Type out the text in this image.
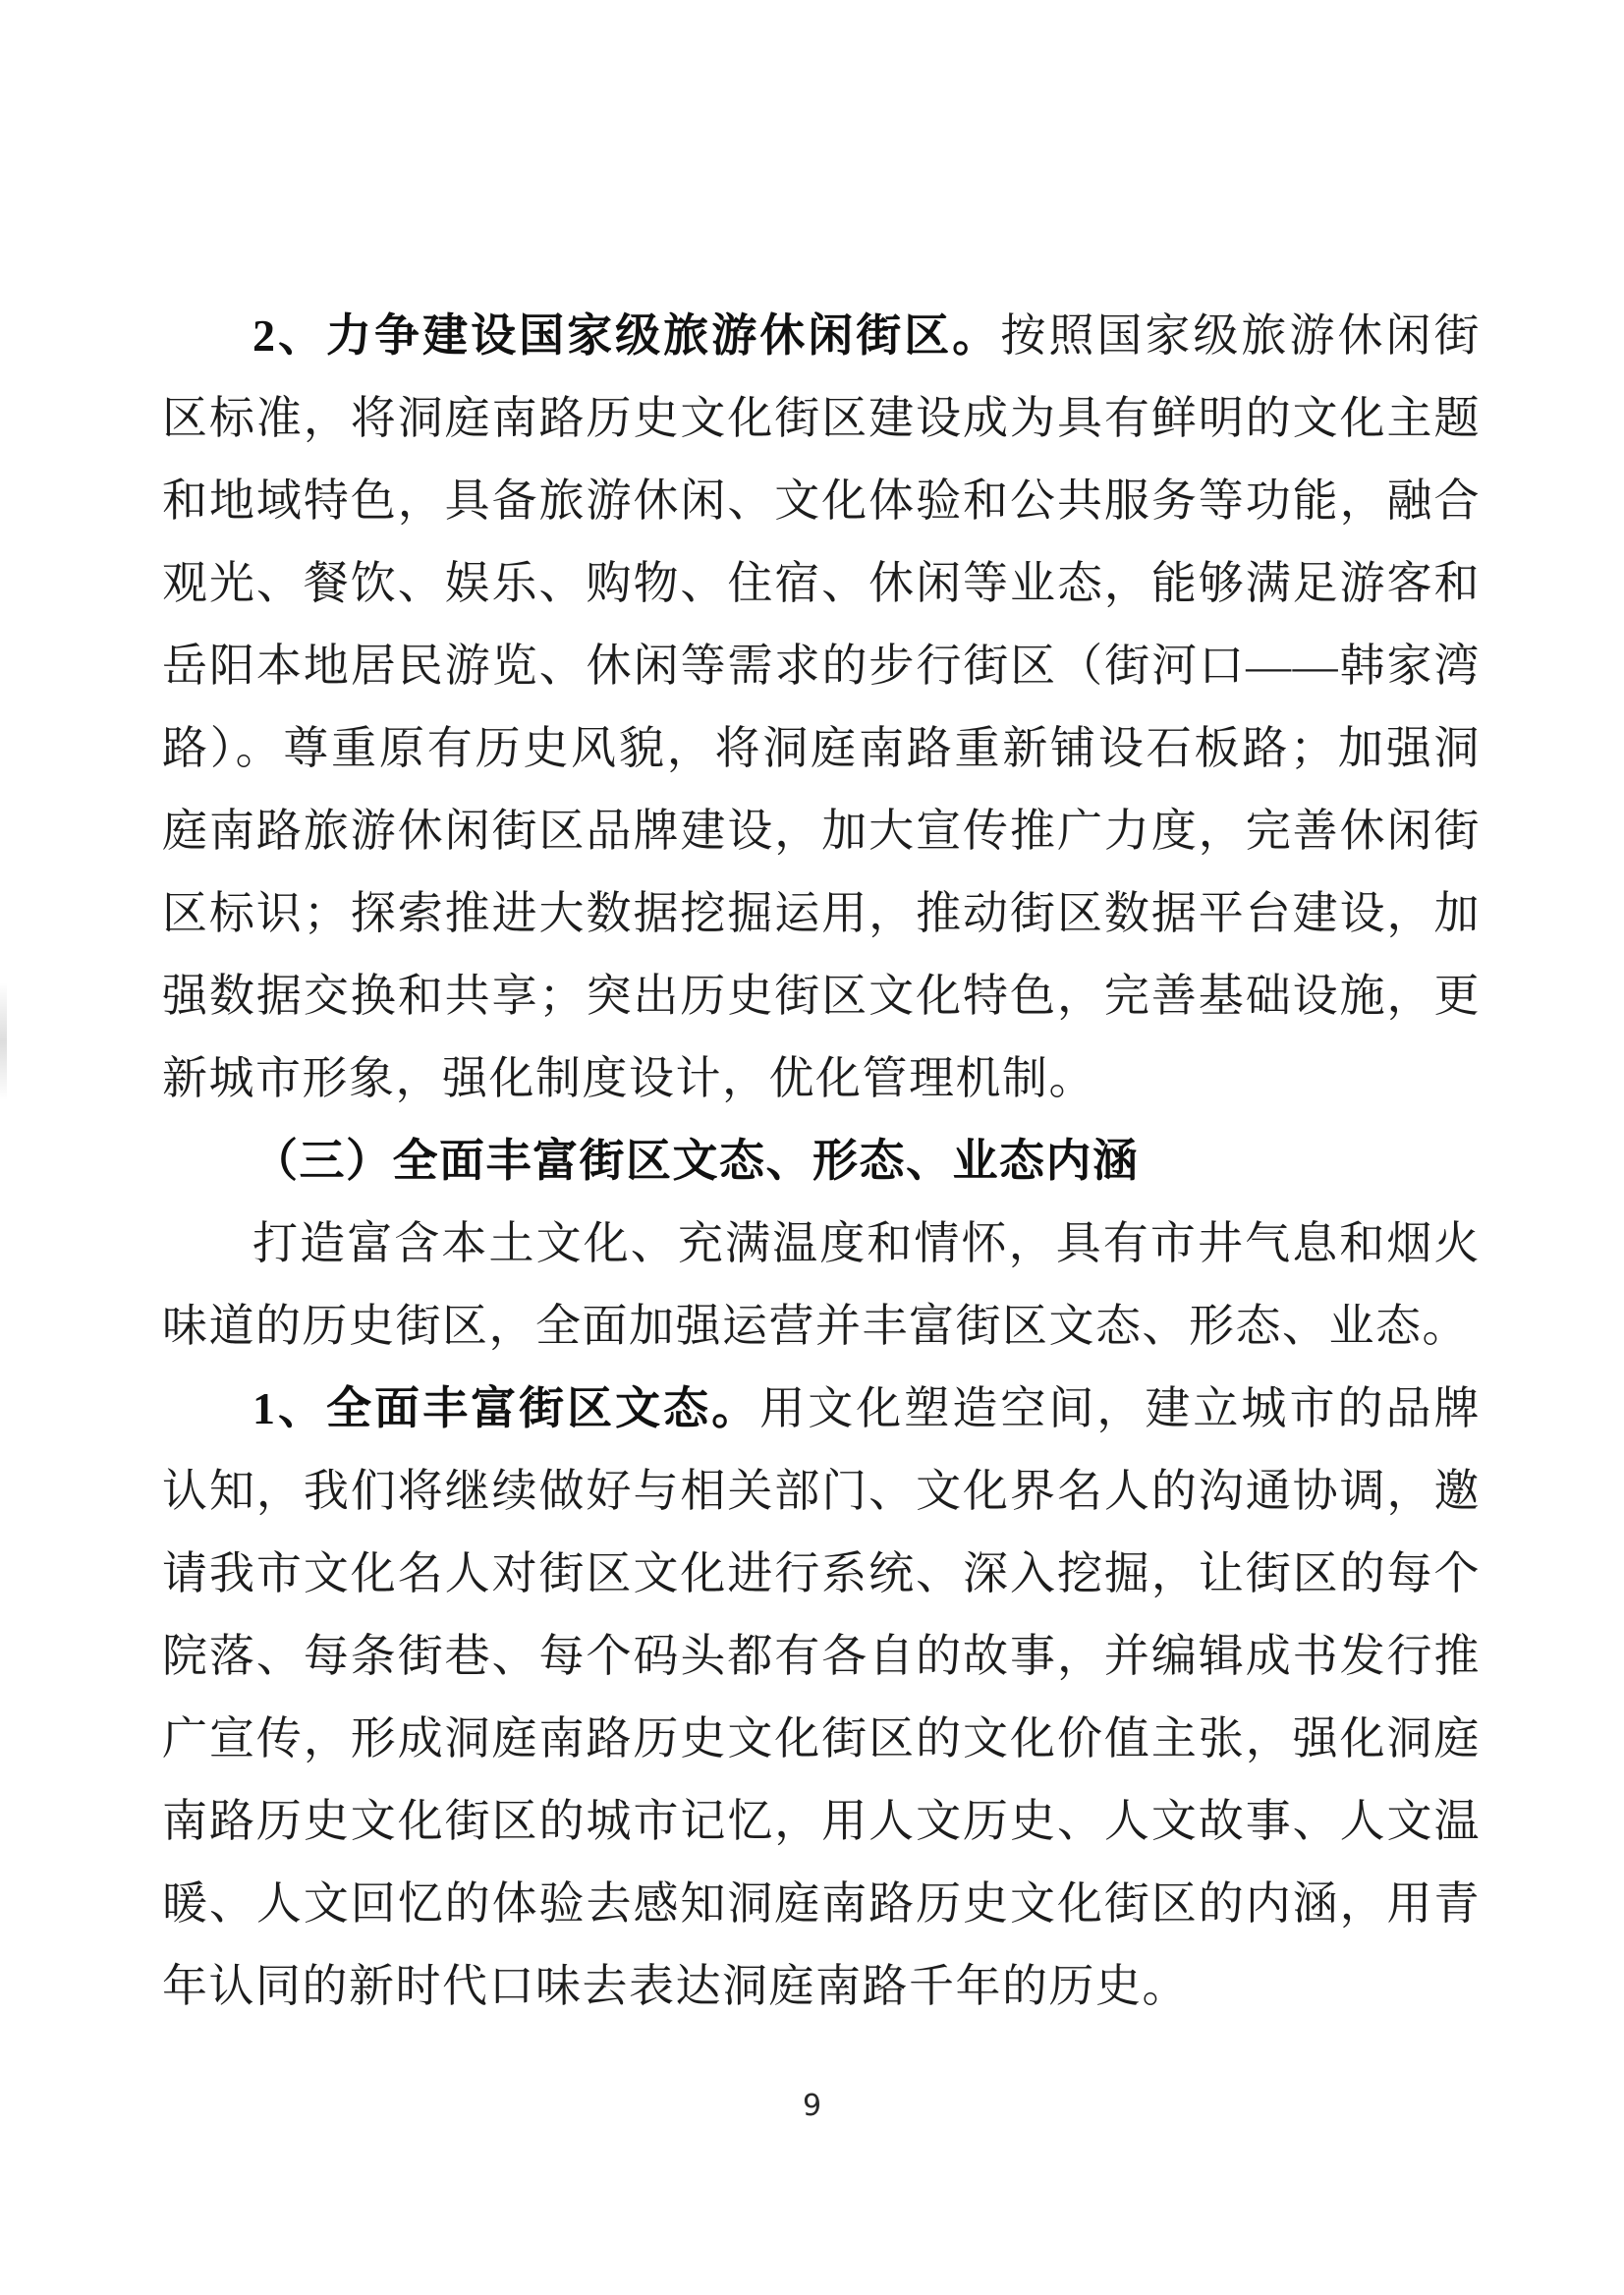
2、力争建设国家级旅游休闲街区。按照国家级旅游休闲街区标准，将洞庭南路历史文化街区建设成为具有鲜明的文化主题和地域特色，具备旅游休闲、文化体验和公共服务等功能，融合观光、餐饮、娱乐、购物、住宿、休闲等业态，能够满足游客和岳阳本地居民游览、休闲等需求的步行街区（街河口——韩家湾路）。尊重原有历史风貌，将洞庭南路重新铺设石板路；加强洞庭南路旅游休闲街区品牌建设，加大宣传推广力度，完善休闲街区标识；探索推进大数据挖掘运用，推动街区数据平台建设，加强数据交换和共享；突出历史街区文化特色，完善基础设施，更新城市形象，强化制度设计，优化管理机制。

（三）全面丰富街区文态、形态、业态内涵

打造富含本土文化、充满温度和情怀，具有市井气息和烟火味道的历史街区，全面加强运营并丰富街区文态、形态、业态。

1、全面丰富街区文态。用文化塑造空间，建立城市的品牌认知，我们将继续做好与相关部门、文化界名人的沟通协调，邀请我市文化名人对街区文化进行系统、深入挖掘，让街区的每个院落、每条街巷、每个码头都有各自的故事，并编辑成书发行推广宣传，形成洞庭南路历史文化街区的文化价值主张，强化洞庭南路历史文化街区的城市记忆，用人文历史、人文故事、人文温暖、人文回忆的体验去感知洞庭南路历史文化街区的内涵，用青年认同的新时代口味去表达洞庭南路千年的历史。

9
